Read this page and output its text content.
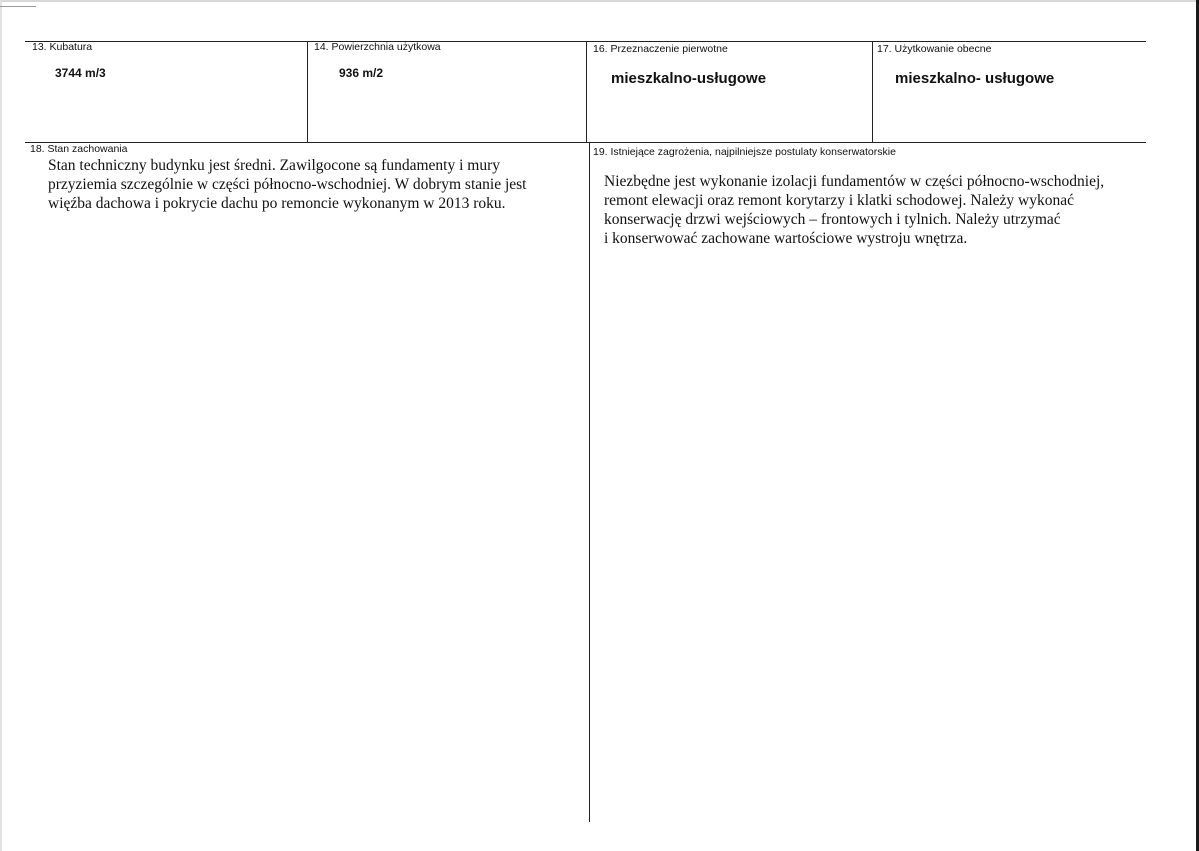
13. Kubatura
3744 m/3
14. Powierzchnia użytkowa
936 m/2
16. Przeznaczenie pierwotne
mieszkalno-usługowe
17. Użytkowanie obecne
mieszkalno- usługowe
18. Stan zachowania
Stan techniczny budynku jest średni. Zawilgocone są fundamenty i mury
przyziemia szczególnie w części północno-wschodniej. W dobrym stanie jest
więźba dachowa i pokrycie dachu po remoncie wykonanym w 2013 roku.
19. Istniejące zagrożenia, najpilniejsze postulaty konserwatorskie
Niezbędne jest wykonanie izolacji fundamentów w części północno-wschodniej,
remont elewacji oraz remont korytarzy i klatki schodowej. Należy wykonać
konserwację drzwi wejściowych – frontowych i tylnich. Należy utrzymać
i konserwować zachowane wartościowe wystroju wnętrza.
